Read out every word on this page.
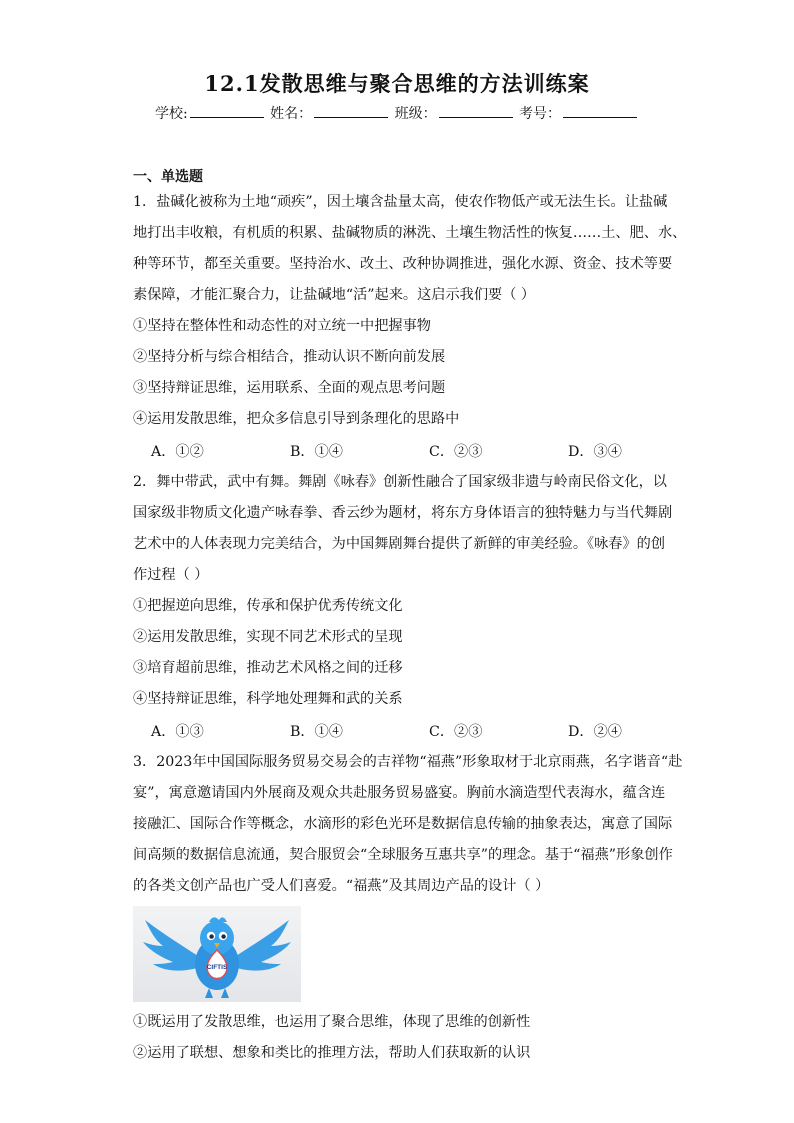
12.1发散思维与聚合思维的方法训练案
学校:	姓名：	班级：	考号：
一、单选题
1．盐碱化被称为土地“顽疾”，因土壤含盐量太高，使农作物低产或无法生长。让盐碱
地打出丰收粮，有机质的积累、盐碱物质的淋洗、土壤生物活性的恢复……土、肥、水、
种等环节，都至关重要。坚持治水、改土、改种协调推进，强化水源、资金、技术等要
素保障，才能汇聚合力，让盐碱地“活”起来。这启示我们要（ ）
①坚持在整体性和动态性的对立统一中把握事物
②坚持分析与综合相结合，推动认识不断向前发展
③坚持辩证思维，运用联系、全面的观点思考问题
④运用发散思维，把众多信息引导到条理化的思路中
A．①②	B．①④	C．②③	D．③④
2．舞中带武，武中有舞。舞剧《咏春》创新性融合了国家级非遗与岭南民俗文化，以
国家级非物质文化遗产咏春拳、香云纱为题材，将东方身体语言的独特魅力与当代舞剧
艺术中的人体表现力完美结合，为中国舞剧舞台提供了新鲜的审美经验。《咏春》的创
作过程（ ）
①把握逆向思维，传承和保护优秀传统文化
②运用发散思维，实现不同艺术形式的呈现
③培育超前思维，推动艺术风格之间的迁移
④坚持辩证思维，科学地处理舞和武的关系
A．①③	B．①④	C．②③	D．②④
3．2023年中国国际服务贸易交易会的吉祥物“福燕”形象取材于北京雨燕，名字谐音“赴
宴”，寓意邀请国内外展商及观众共赴服务贸易盛宴。胸前水滴造型代表海水，蕴含连
接融汇、国际合作等概念，水滴形的彩色光环是数据信息传输的抽象表达，寓意了国际
间高频的数据信息流通，契合服贸会“全球服务互惠共享”的理念。基于“福燕”形象创作
的各类文创产品也广受人们喜爱。“福燕”及其周边产品的设计（ ）
CIFTIS
①既运用了发散思维，也运用了聚合思维，体现了思维的创新性
②运用了联想、想象和类比的推理方法，帮助人们获取新的认识
